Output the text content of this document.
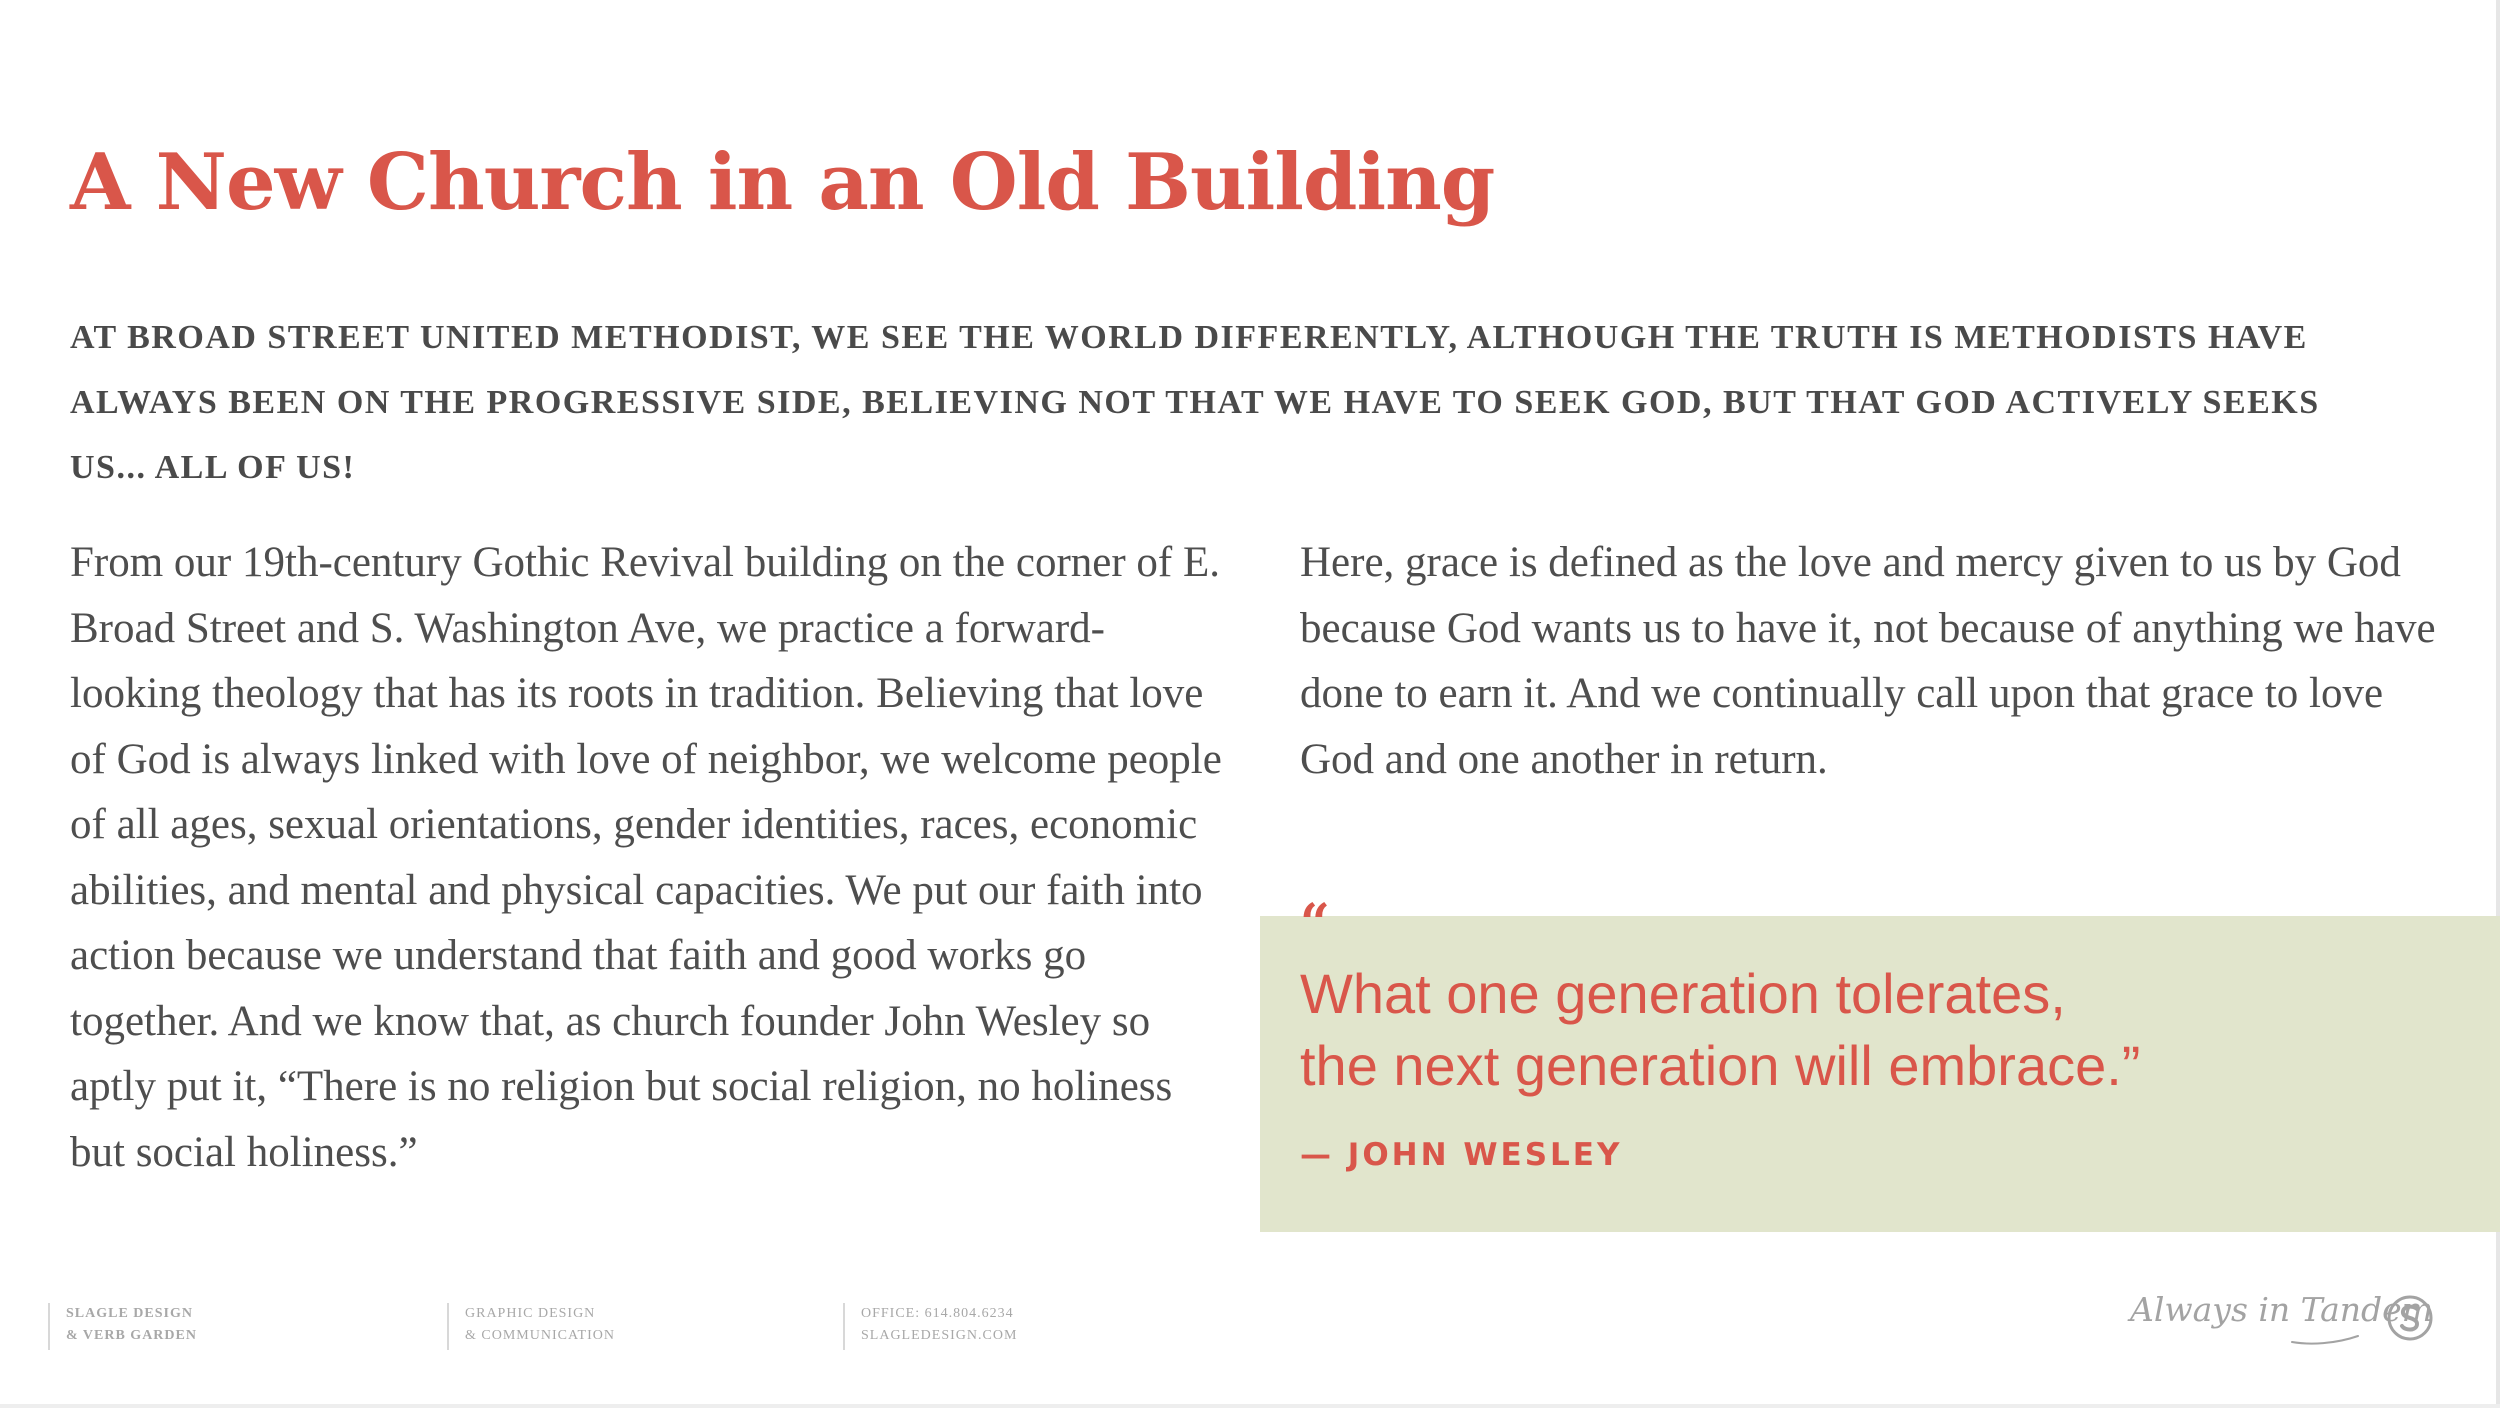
A New Church in an Old Building

AT BROAD STREET UNITED METHODIST, WE SEE THE WORLD DIFFERENTLY, ALTHOUGH THE TRUTH IS METHODISTS HAVE ALWAYS BEEN ON THE PROGRESSIVE SIDE, BELIEVING NOT THAT WE HAVE TO SEEK GOD, BUT THAT GOD ACTIVELY SEEKS US... ALL OF US!

From our 19th-century Gothic Revival building on the corner of E. Broad Street and S. Washington Ave, we practice a forward-looking theology that has its roots in tradition. Believing that love of God is always linked with love of neighbor, we welcome people of all ages, sexual orientations, gender identities, races, economic abilities, and mental and physical capacities. We put our faith into action because we understand that faith and good works go together. And we know that, as church founder John Wesley so aptly put it, “There is no religion but social religion, no holiness but social holiness.”

Here, grace is defined as the love and mercy given to us by God because God wants us to have it, not because of anything we have done to earn it. And we continually call upon that grace to love God and one another in return.

“

What one generation tolerates,
the next generation will embrace.”

— JOHN WESLEY
SLAGLE DESIGN
& VERB GARDEN
GRAPHIC DESIGN
& COMMUNICATION
OFFICE: 614.804.6234
SLAGLEDESIGN.COM
Always in Tandem
